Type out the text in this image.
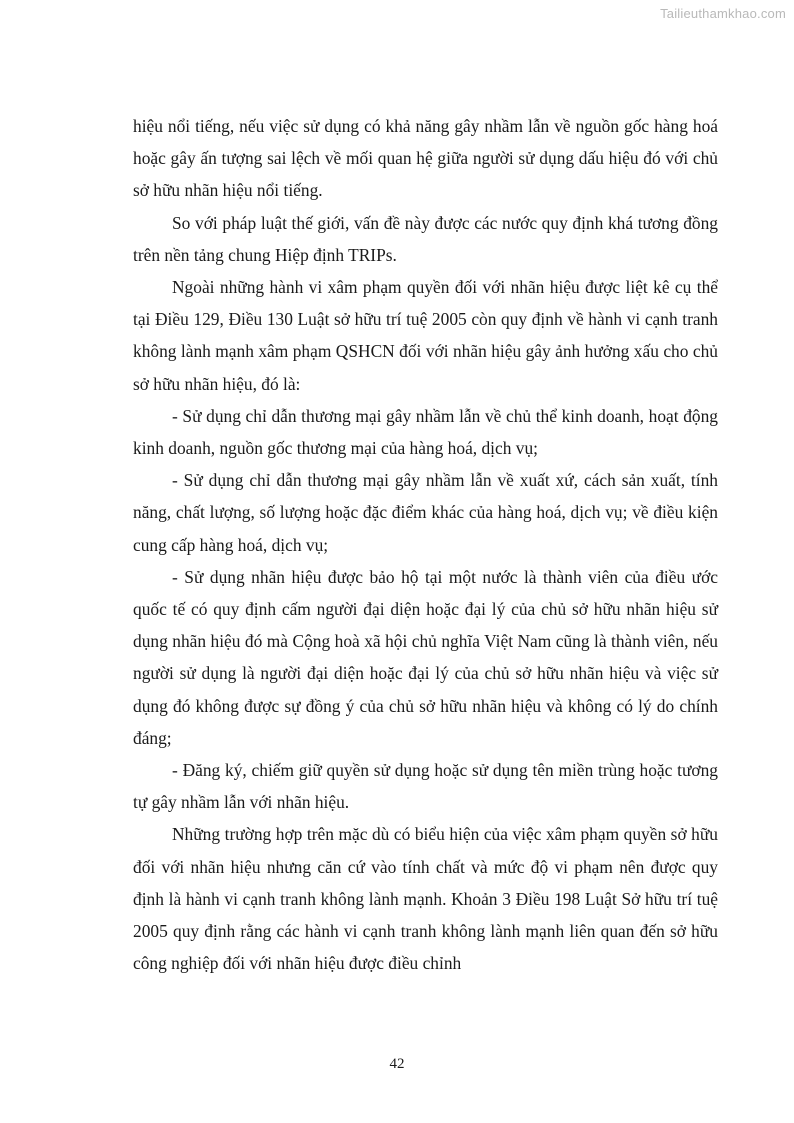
Tailieuthamkhao.com

hiệu nổi tiếng, nếu việc sử dụng có khả năng gây nhầm lẫn về nguồn gốc hàng hoá hoặc gây ấn tượng sai lệch về mối quan hệ giữa người sử dụng dấu hiệu đó với chủ sở hữu nhãn hiệu nổi tiếng.

So với pháp luật thế giới, vấn đề này được các nước quy định khá tương đồng trên nền tảng chung Hiệp định TRIPs.

Ngoài những hành vi xâm phạm quyền đối với nhãn hiệu được liệt kê cụ thể tại Điều 129, Điều 130 Luật sở hữu trí tuệ 2005 còn quy định về hành vi cạnh tranh không lành mạnh xâm phạm QSHCN đối với nhãn hiệu gây ảnh hưởng xấu cho chủ sở hữu nhãn hiệu, đó là:

- Sử dụng chỉ dẫn thương mại gây nhầm lẫn về chủ thể kinh doanh, hoạt động kinh doanh, nguồn gốc thương mại của hàng hoá, dịch vụ;

- Sử dụng chỉ dẫn thương mại gây nhầm lẫn về xuất xứ, cách sản xuất, tính năng, chất lượng, số lượng hoặc đặc điểm khác của hàng hoá, dịch vụ; về điều kiện cung cấp hàng hoá, dịch vụ;

- Sử dụng nhãn hiệu được bảo hộ tại một nước là thành viên của điều ước quốc tế có quy định cấm người đại diện hoặc đại lý của chủ sở hữu nhãn hiệu sử dụng nhãn hiệu đó mà Cộng hoà xã hội chủ nghĩa Việt Nam cũng là thành viên, nếu người sử dụng là người đại diện hoặc đại lý của chủ sở hữu nhãn hiệu và việc sử dụng đó không được sự đồng ý của chủ sở hữu nhãn hiệu và không có lý do chính đáng;

- Đăng ký, chiếm giữ quyền sử dụng hoặc sử dụng tên miền trùng hoặc tương tự gây nhầm lẫn với nhãn hiệu.

Những trường hợp trên mặc dù có biểu hiện của việc xâm phạm quyền sở hữu đối với nhãn hiệu nhưng căn cứ vào tính chất và mức độ vi phạm nên được quy định là hành vi cạnh tranh không lành mạnh. Khoản 3 Điều 198 Luật Sở hữu trí tuệ 2005 quy định rằng các hành vi cạnh tranh không lành mạnh liên quan đến sở hữu công nghiệp đối với nhãn hiệu được điều chỉnh

42
